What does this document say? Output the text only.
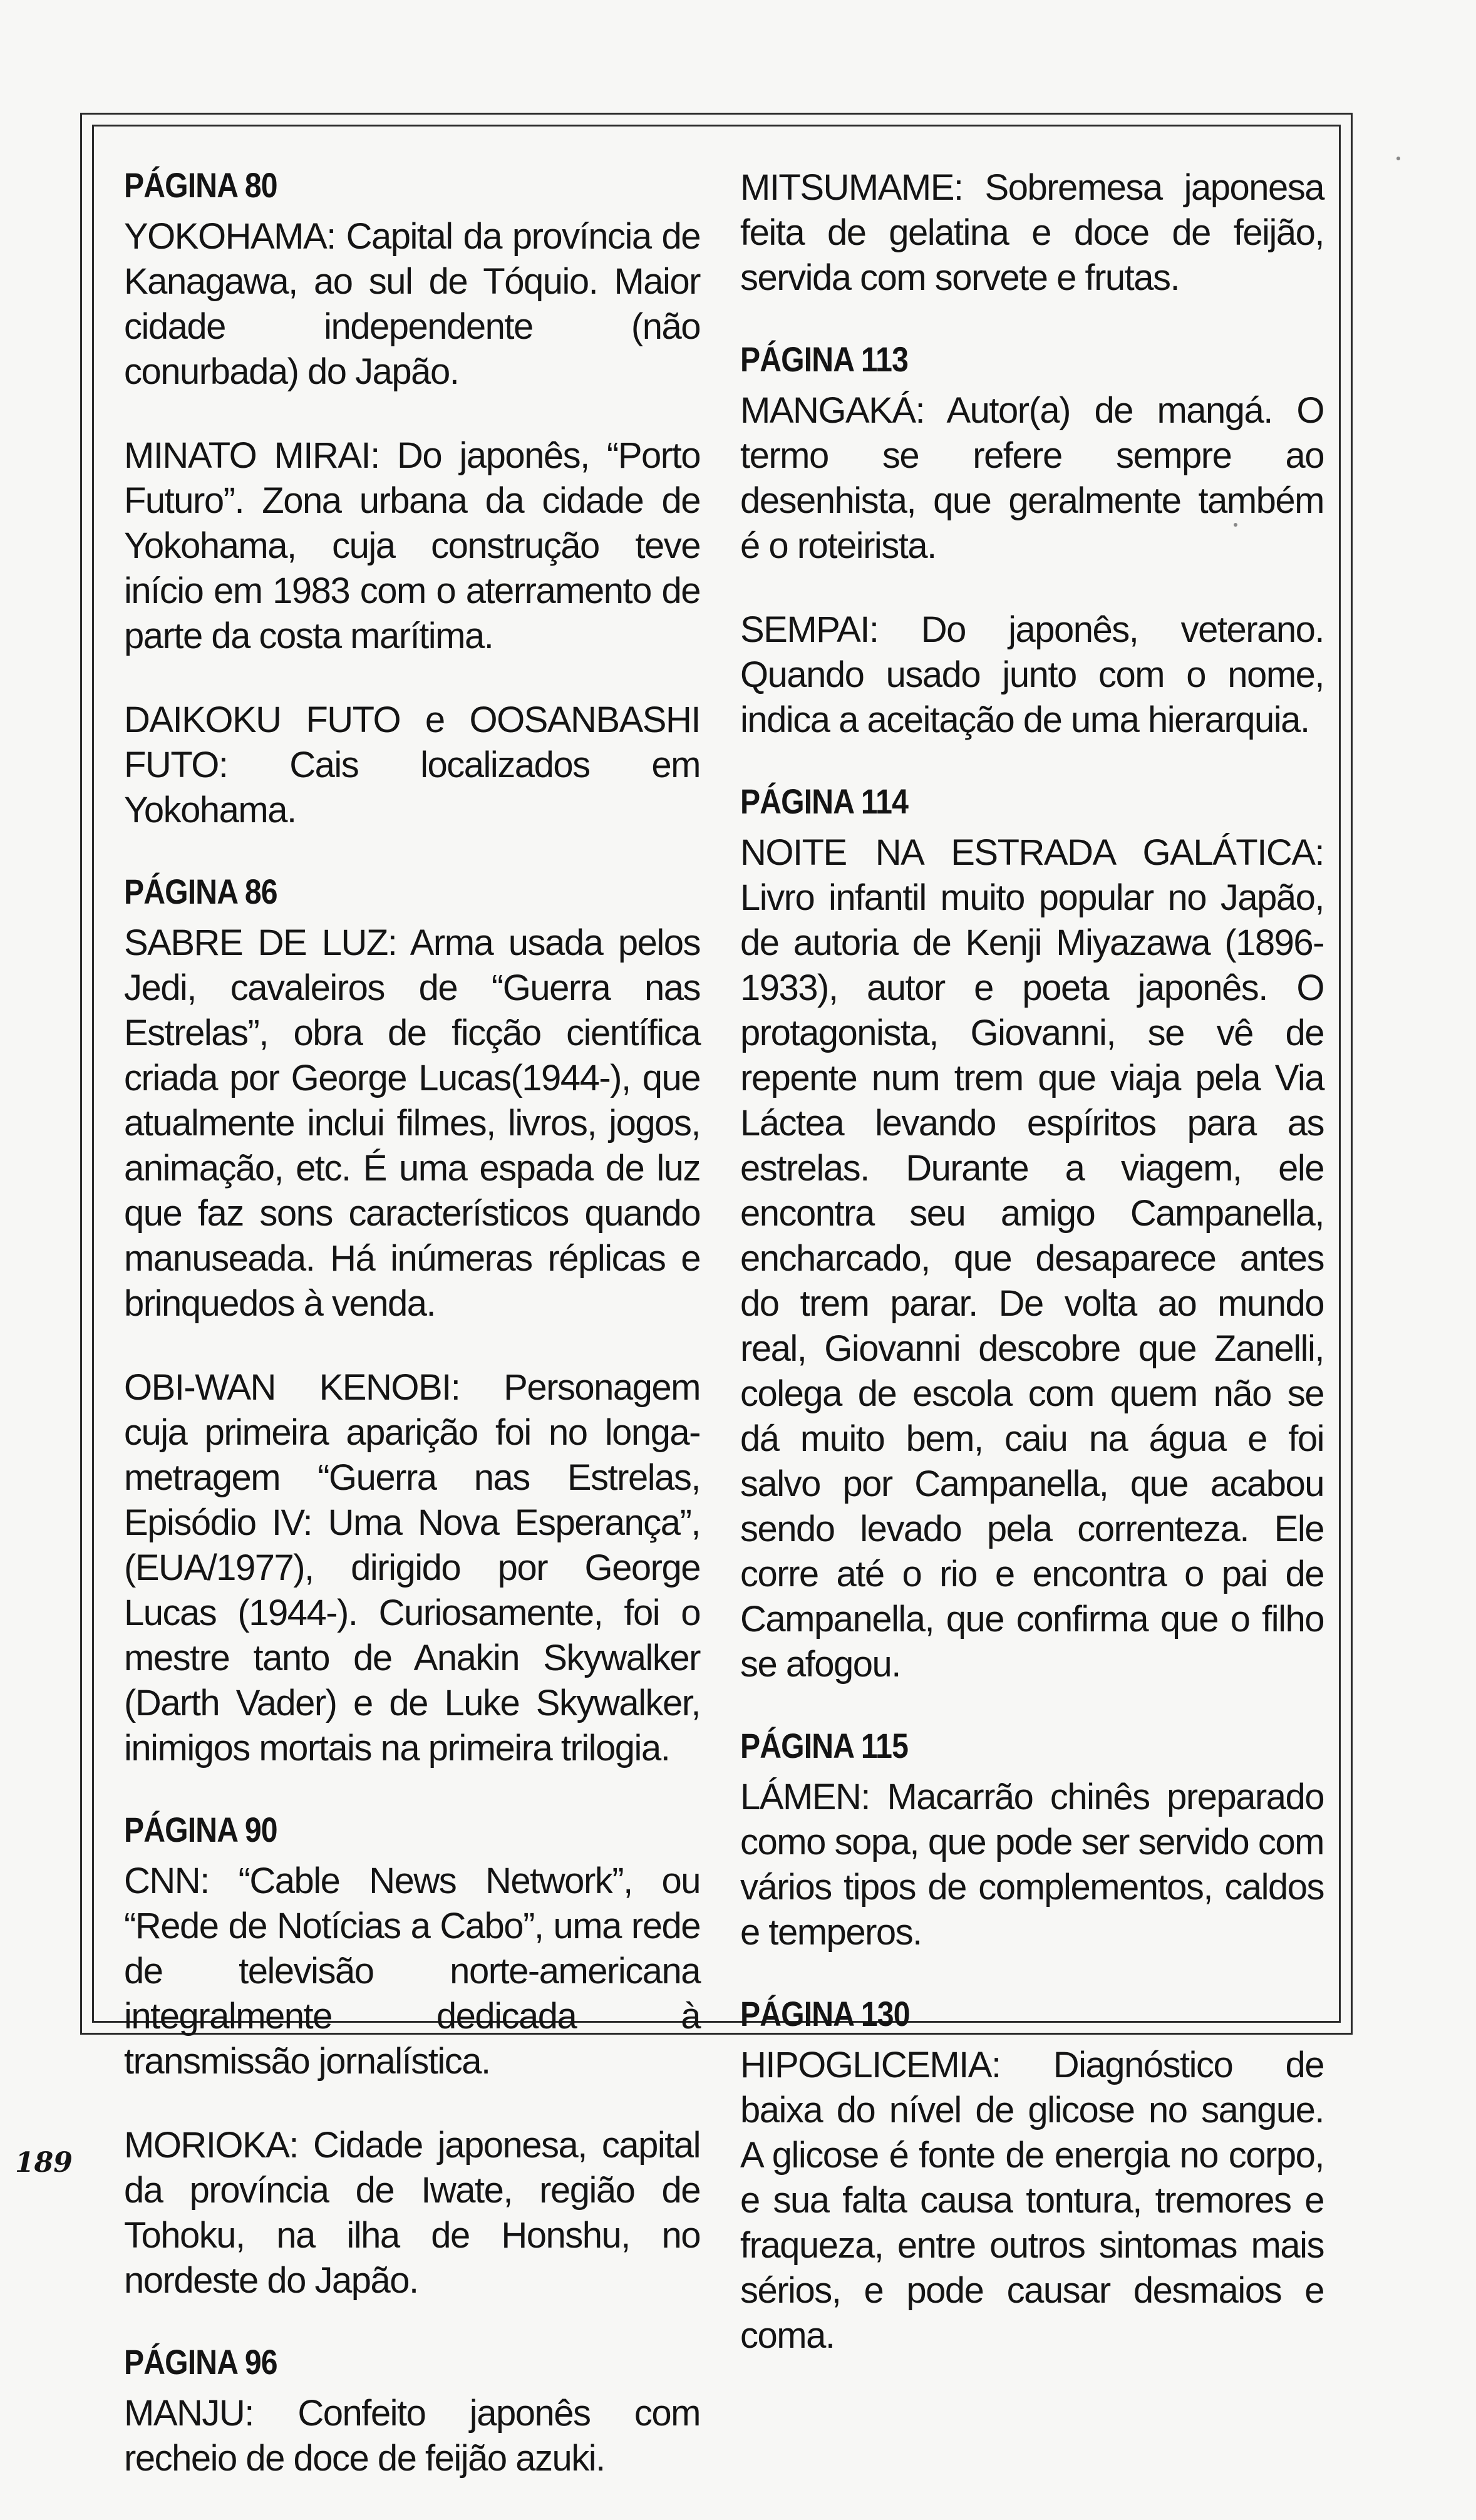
PÁGINA 80

YOKOHAMA: Capital da província de Kanagawa, ao sul de Tóquio. Maior cidade independente (não conurbada) do Japão.

MINATO MIRAI: Do japonês, “Porto Futuro”. Zona urbana da cidade de Yokohama, cuja construção teve início em 1983 com o aterramento de parte da costa marítima.

DAIKOKU FUTO e OOSANBASHI FUTO: Cais localizados em Yokohama.

PÁGINA 86

SABRE DE LUZ: Arma usada pelos Jedi, cavaleiros de “Guerra nas Estrelas”, obra de ficção científica criada por George Lucas(1944-), que atualmente inclui filmes, livros, jogos, animação, etc. É uma espada de luz que faz sons característicos quando manuseada. Há inúmeras réplicas e brinquedos à venda.

OBI-WAN KENOBI: Personagem cuja primeira aparição foi no longa-metragem “Guerra nas Estrelas, Episódio IV: Uma Nova Esperança”, (EUA/1977), dirigido por George Lucas (1944-). Curiosamente, foi o mestre tanto de Anakin Skywalker (Darth Vader) e de Luke Skywalker, inimigos mortais na primeira trilogia.

PÁGINA 90

CNN: “Cable News Network”, ou “Rede de Notícias a Cabo”, uma rede de televisão norte-americana integralmente dedicada à transmissão jornalística.

MORIOKA: Cidade japonesa, capital da província de Iwate, região de Tohoku, na ilha de Honshu, no nordeste do Japão.

PÁGINA 96

MANJU: Confeito japonês com recheio de doce de feijão azuki.

MITSUMAME: Sobremesa japonesa feita de gelatina e doce de feijão, servida com sorvete e frutas.

PÁGINA 113

MANGAKÁ: Autor(a) de mangá. O termo se refere sempre ao desenhista, que geralmente também é o roteirista.

SEMPAI: Do japonês, veterano. Quando usado junto com o nome, indica a aceitação de uma hierarquia.

PÁGINA 114

NOITE NA ESTRADA GALÁTICA: Livro infantil muito popular no Japão, de autoria de Kenji Miyazawa (1896-1933), autor e poeta japonês. O protagonista, Giovanni, se vê de repente num trem que viaja pela Via Láctea levando espíritos para as estrelas. Durante a viagem, ele encontra seu amigo Campanella, encharcado, que desaparece antes do trem parar. De volta ao mundo real, Giovanni descobre que Zanelli, colega de escola com quem não se dá muito bem, caiu na água e foi salvo por Campanella, que acabou sendo levado pela correnteza. Ele corre até o rio e encontra o pai de Campanella, que confirma que o filho se afogou.

PÁGINA 115

LÁMEN: Macarrão chinês preparado como sopa, que pode ser servido com vários tipos de complementos, caldos e temperos.

PÁGINA 130

HIPOGLICEMIA: Diagnóstico de baixa do nível de glicose no sangue. A glicose é fonte de energia no corpo, e sua falta causa tontura, tremores e fraqueza, entre outros sintomas mais sérios, e pode causar desmaios e coma.

189
